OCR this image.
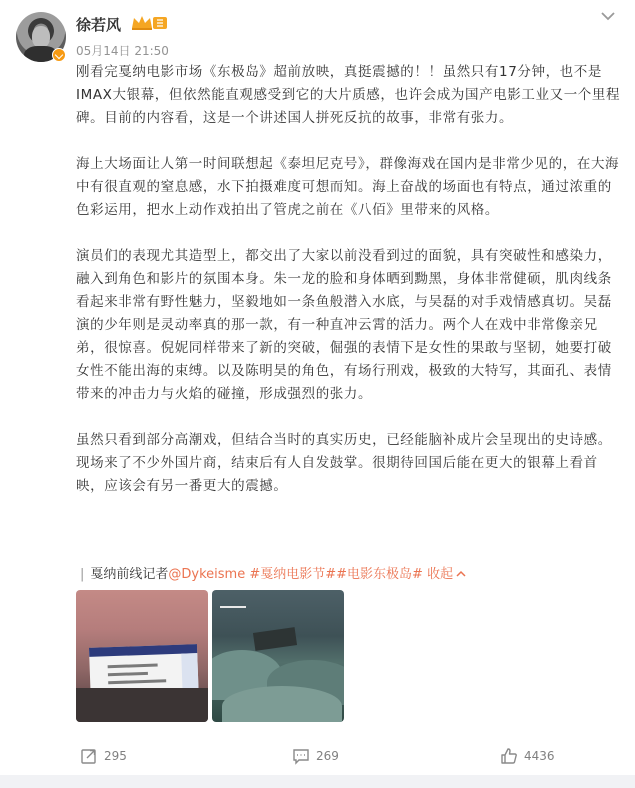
徐若风
05月14日 21:50

刚看完戛纳电影市场《东极岛》超前放映，真挺震撼的！！虽然只有17分钟，也不是IMAX大银幕，但依然能直观感受到它的大片质感，也许会成为国产电影工业又一个里程碑。目前的内容看，这是一个讲述国人拼死反抗的故事，非常有张力。

海上大场面让人第一时间联想起《泰坦尼克号》，群像海戏在国内是非常少见的，在大海中有很直观的窒息感，水下拍摄难度可想而知。海上奋战的场面也有特点，通过浓重的色彩运用，把水上动作戏拍出了管虎之前在《八佰》里带来的风格。

演员们的表现尤其造型上，都交出了大家以前没看到过的面貌，具有突破性和感染力，融入到角色和影片的氛围本身。朱一龙的脸和身体晒到黝黑，身体非常健硕，肌肉线条看起来非常有野性魅力，坚毅地如一条鱼般潜入水底，与吴磊的对手戏情感真切。吴磊演的少年则是灵动率真的那一款，有一种直冲云霄的活力。两个人在戏中非常像亲兄弟，很惊喜。倪妮同样带来了新的突破，倔强的表情下是女性的果敢与坚韧，她要打破女性不能出海的束缚。以及陈明昊的角色，有场行刑戏，极致的大特写，其面孔、表情带来的冲击力与火焰的碰撞，形成强烈的张力。

虽然只看到部分高潮戏，但结合当时的真实历史，已经能脑补成片会呈现出的史诗感。现场来了不少外国片商，结束后有人自发鼓掌。很期待回国后能在更大的银幕上看首映，应该会有另一番更大的震撼。

| 戛纳前线记者@Dykeisme #戛纳电影节##电影东极岛# 收起
295	269	4436
